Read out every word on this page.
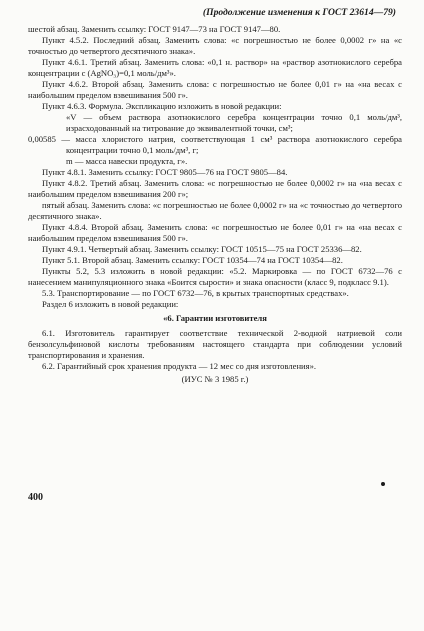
(Продолжение изменения к ГОСТ 23614—79)

шестой абзац. Заменить ссылку: ГОСТ 9147—73 на ГОСТ 9147—80.

Пункт 4.5.2. Последний абзац. Заменить слова: «с погрешностью не более 0,0002 г» на «с точностью до четвертого десятичного знака».

Пункт 4.6.1. Третий абзац. Заменить слова: «0,1 н. раствор» на «раствор азотнокислого серебра концентрации с (AgNO₃)=0,1 моль/дм³».

Пункт 4.6.2. Второй абзац. Заменить слова: с погрешностью не более 0,01 г» на «на весах с наибольшим пределом взвешивания 500 г».

Пункт 4.6.3. Формула. Экспликацию изложить в новой редакции:

«V — объем раствора азотнокислого серебра концентрации точно 0,1 моль/дм³, израсходованный на титрование до эквивалентной точки, см³;

0,00585 — масса хлористого натрия, соответствующая 1 см³ раствора азотнокислого серебра концентрации точно 0,1 моль/дм³, г;

m — масса навески продукта, г».

Пункт 4.8.1. Заменить ссылку: ГОСТ 9805—76 на ГОСТ 9805—84.

Пункт 4.8.2. Третий абзац. Заменить слова: «с погрешностью не более 0,0002 г» на «на весах с наибольшим пределом взвешивания 200 г»;

пятый абзац. Заменить слова: «с погрешностью не более 0,0002 г» на «с точностью до четвертого десятичного знака».

Пункт 4.8.4. Второй абзац. Заменить слова: «с погрешностью не более 0,01 г» на «на весах с наибольшим пределом взвешивания 500 г».

Пункт 4.9.1. Четвертый абзац. Заменить ссылку: ГОСТ 10515—75 на ГОСТ 25336—82.

Пункт 5.1. Второй абзац. Заменить ссылку: ГОСТ 10354—74 на ГОСТ 10354—82.

Пункты 5.2, 5.3 изложить в новой редакции: «5.2. Маркировка — по ГОСТ 6732—76 с нанесением манипуляционного знака «Боится сырости» и знака опасности (класс 9, подкласс 9.1).

5.3. Транспортирование — по ГОСТ 6732—76, в крытых транспортных средствах».

Раздел 6 изложить в новой редакции:

«6. Гарантии изготовителя

6.1. Изготовитель гарантирует соответствие технической 2-водной натриевой соли бензолсульфиновой кислоты требованиям настоящего стандарта при соблюдении условий транспортирования и хранения.

6.2. Гарантийный срок хранения продукта — 12 мес со дня изготовления».

(ИУС № 3 1985 г.)
400
